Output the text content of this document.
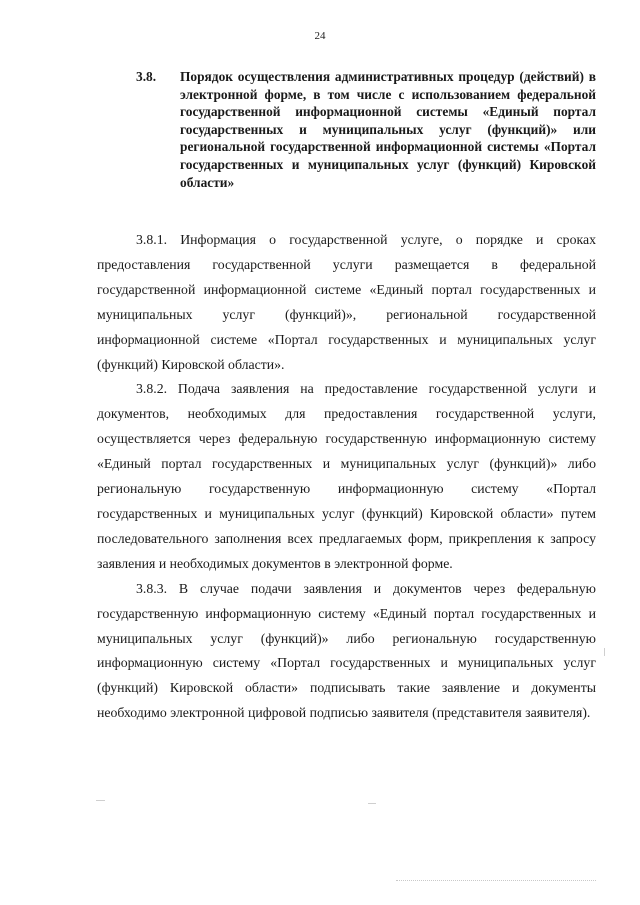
24
3.8.	Порядок осуществления административных процедур (действий) в электронной форме, в том числе с использованием федеральной государственной информационной системы «Единый портал государственных и муниципальных услуг (функций)» или региональной государственной информационной системы «Портал государственных и муниципальных услуг (функций) Кировской области»

3.8.1. Информация о государственной услуге, о порядке и сроках предоставления государственной услуги размещается в федеральной государственной информационной системе «Единый портал государственных и муниципальных услуг (функций)», региональной государственной информационной системе «Портал государственных и муниципальных услуг (функций) Кировской области».

3.8.2. Подача заявления на предоставление государственной услуги и документов, необходимых для предоставления государственной услуги, осуществляется через федеральную государственную информационную систему «Единый портал государственных и муниципальных услуг (функций)» либо региональную государственную информационную систему «Портал государственных и муниципальных услуг (функций) Кировской области» путем последовательного заполнения всех предлагаемых форм, прикрепления к запросу заявления и необходимых документов в электронной форме.

3.8.3. В случае подачи заявления и документов через федеральную государственную информационную систему «Единый портал государственных и муниципальных услуг (функций)» либо региональную государственную информационную систему «Портал государственных и муниципальных услуг (функций) Кировской области» подписывать такие заявление и документы необходимо электронной цифровой подписью заявителя (представителя заявителя).
